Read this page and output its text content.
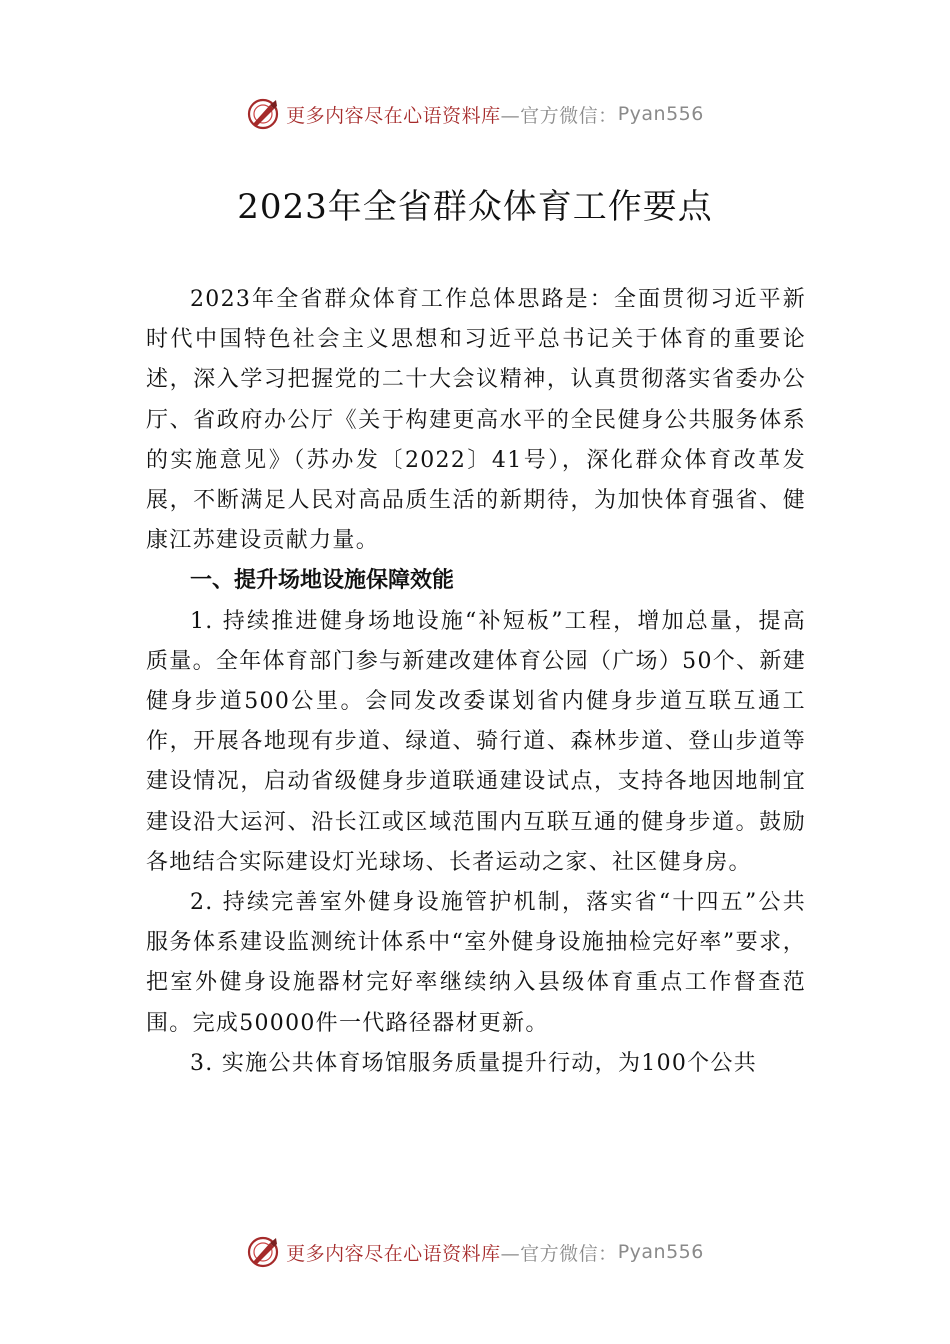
更多内容尽在心语资料库 —官方微信： Pyan556
2023年全省群众体育工作要点

2023年全省群众体育工作总体思路是：全面贯彻习近平新时代中国特色社会主义思想和习近平总书记关于体育的重要论述，深入学习把握党的二十大会议精神，认真贯彻落实省委办公厅、省政府办公厅《关于构建更高水平的全民健身公共服务体系的实施意见》（苏办发〔2022〕41号），深化群众体育改革发展，不断满足人民对高品质生活的新期待，为加快体育强省、健康江苏建设贡献力量。

一、提升场地设施保障效能

1. 持续推进健身场地设施“补短板”工程，增加总量，提高质量。全年体育部门参与新建改建体育公园（广场）50个、新建健身步道500公里。会同发改委谋划省内健身步道互联互通工作，开展各地现有步道、绿道、骑行道、森林步道、登山步道等建设情况，启动省级健身步道联通建设试点，支持各地因地制宜建设沿大运河、沿长江或区域范围内互联互通的健身步道。鼓励各地结合实际建设灯光球场、长者运动之家、社区健身房。

2. 持续完善室外健身设施管护机制，落实省“十四五”公共服务体系建设监测统计体系中“室外健身设施抽检完好率”要求，把室外健身设施器材完好率继续纳入县级体育重点工作督查范围。完成50000件一代路径器材更新。

3. 实施公共体育场馆服务质量提升行动，为100个公共

更多内容尽在心语资料库 —官方微信： Pyan556
